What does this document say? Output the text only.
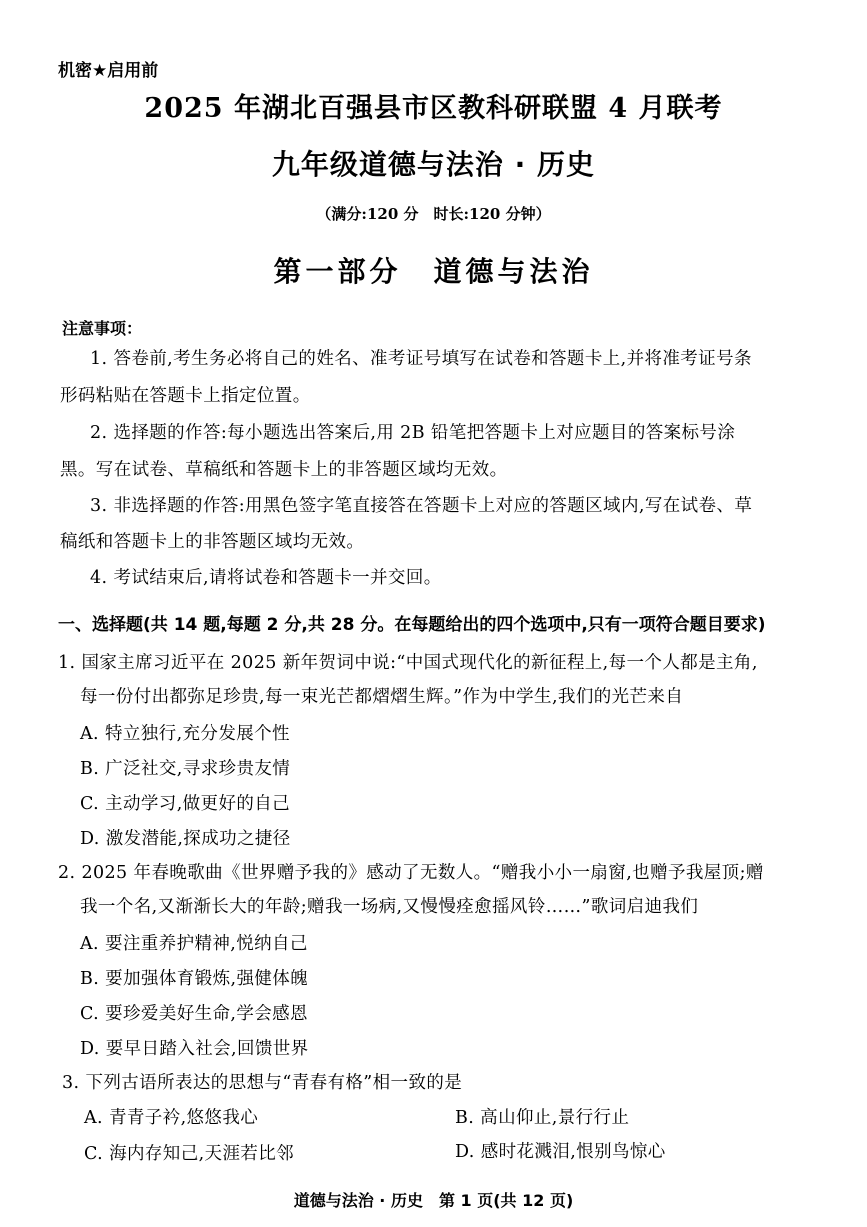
机密★启用前
2025 年湖北百强县市区教科研联盟 4 月联考
九年级道德与法治 · 历史
（满分:120 分　时长:120 分钟）
第一部分　道德与法治
注意事项：
1. 答卷前,考生务必将自己的姓名、准考证号填写在试卷和答题卡上,并将准考证号条
形码粘贴在答题卡上指定位置。
2. 选择题的作答:每小题选出答案后,用 2B 铅笔把答题卡上对应题目的答案标号涂
黑。写在试卷、草稿纸和答题卡上的非答题区域均无效。
3. 非选择题的作答:用黑色签字笔直接答在答题卡上对应的答题区域内,写在试卷、草
稿纸和答题卡上的非答题区域均无效。
4. 考试结束后,请将试卷和答题卡一并交回。
一、选择题(共 14 题,每题 2 分,共 28 分。在每题给出的四个选项中,只有一项符合题目要求)
1. 国家主席习近平在 2025 新年贺词中说:“中国式现代化的新征程上,每一个人都是主角,
每一份付出都弥足珍贵,每一束光芒都熠熠生辉。”作为中学生,我们的光芒来自
A. 特立独行,充分发展个性
B. 广泛社交,寻求珍贵友情
C. 主动学习,做更好的自己
D. 激发潜能,探成功之捷径
2. 2025 年春晚歌曲《世界赠予我的》感动了无数人。“赠我小小一扇窗,也赠予我屋顶;赠
我一个名,又渐渐长大的年龄;赠我一场病,又慢慢痊愈摇风铃……”歌词启迪我们
A. 要注重养护精神,悦纳自己
B. 要加强体育锻炼,强健体魄
C. 要珍爱美好生命,学会感恩
D. 要早日踏入社会,回馈世界
3. 下列古语所表达的思想与“青春有格”相一致的是
A. 青青子衿,悠悠我心	B. 高山仰止,景行行止
C. 海内存知己,天涯若比邻	D. 感时花溅泪,恨别鸟惊心
道德与法治 · 历史　第 1 页(共 12 页)
